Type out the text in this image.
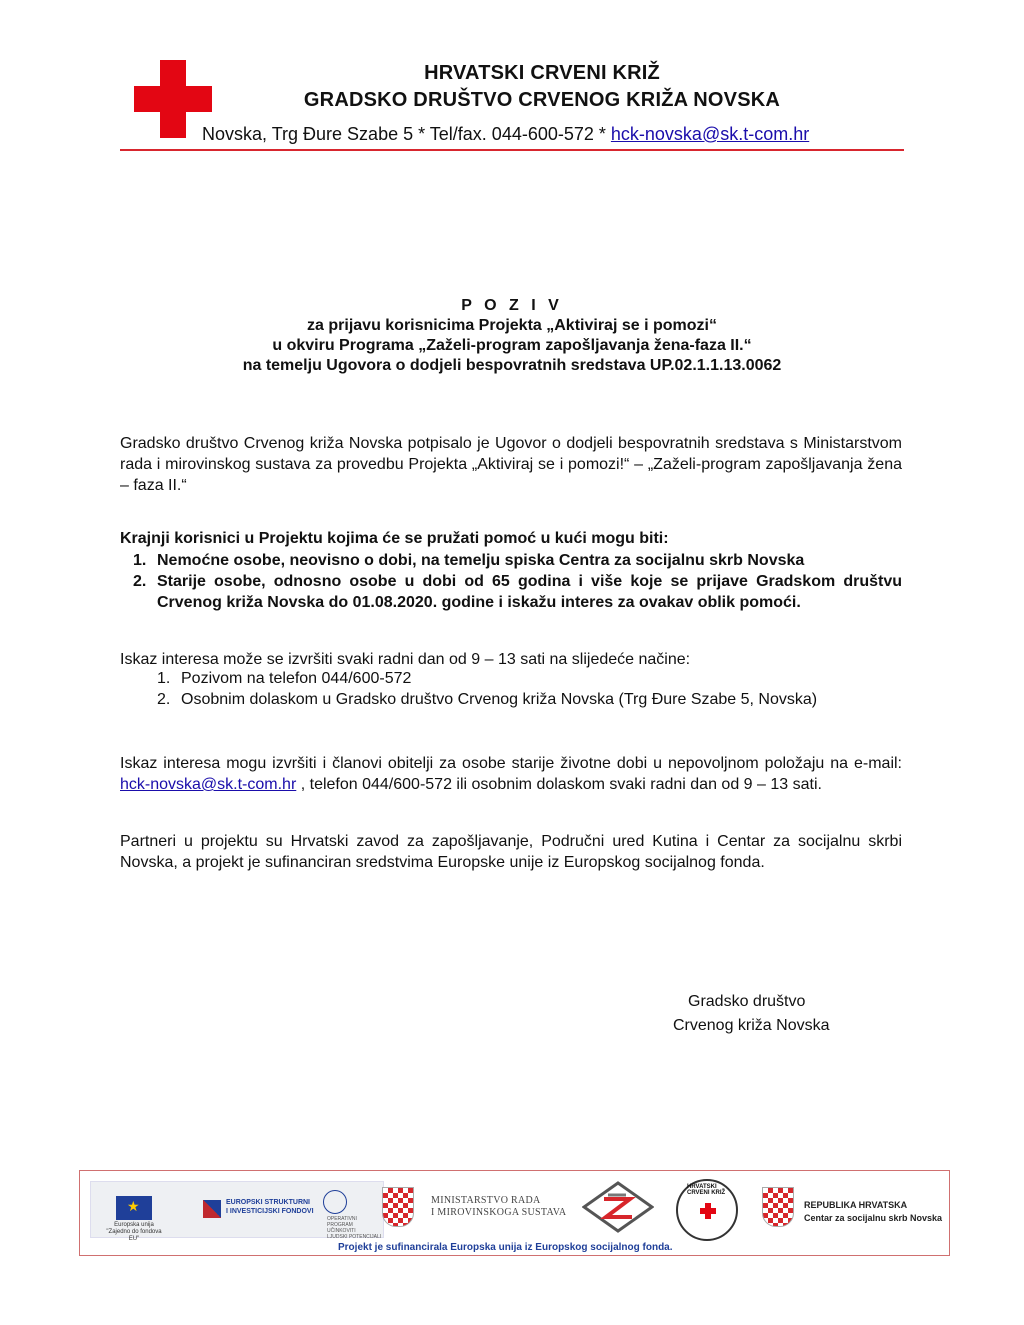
HRVATSKI CRVENI KRIŽ
GRADSKO DRUŠTVO CRVENOG KRIŽA NOVSKA
Novska, Trg Đure Szabe 5 * Tel/fax. 044-600-572 * hck-novska@sk.t-com.hr
P O Z I V
za prijavu korisnicima Projekta „Aktiviraj se i pomozi“
u okviru Programa „Zaželi-program zapošljavanja žena-faza II.“
na temelju Ugovora o dodjeli bespovratnih sredstava UP.02.1.1.13.0062

Gradsko društvo Crvenog križa Novska potpisalo je Ugovor o dodjeli bespovratnih sredstava s Ministarstvom rada i mirovinskog sustava za provedbu Projekta „Aktiviraj se i pomozi!“ – „Zaželi-program zapošljavanja žena – faza II.“

Krajnji korisnici u Projektu kojima će se pružati pomoć u kući mogu biti:

1. Nemoćne osobe, neovisno o dobi, na temelju spiska Centra za socijalnu skrb Novska
2. Starije osobe, odnosno osobe u dobi od 65 godina i više koje se prijave Gradskom društvu Crvenog križa Novska do 01.08.2020. godine i iskažu interes za ovakav oblik pomoći.

Iskaz interesa može se izvršiti svaki radni dan od 9 – 13 sati na slijedeće načine:

1. Pozivom na telefon 044/600-572
2. Osobnim dolaskom u Gradsko društvo Crvenog križa Novska (Trg Đure Szabe 5, Novska)

Iskaz interesa mogu izvršiti i članovi obitelji za osobe starije životne dobi u nepovoljnom položaju na e-mail: hck-novska@sk.t-com.hr , telefon 044/600-572 ili osobnim dolaskom svaki radni dan od 9 – 13 sati.

Partneri u projektu su Hrvatski zavod za zapošljavanje, Područni ured Kutina i Centar za socijalnu skrbi Novska, a projekt je sufinanciran sredstvima Europske unije iz Europskog socijalnog fonda.

Gradsko društvo
Crvenog križa Novska
★
Europska unija
"Zajedno do fondova EU"
EUROPSKI STRUKTURNI
I INVESTICIJSKI FONDOVI
OPERATIVNI
PROGRAM
UČINKOVITI
LJUDSKI POTENCIJALI
MINISTARSTVO RADA
I MIROVINSKOGA SUSTAVA
HRVATSKI CRVENI KRIŽ
REPUBLIKA HRVATSKA
Centar za socijalnu skrb Novska
Projekt je sufinancirala Europska unija iz Europskog socijalnog fonda.
